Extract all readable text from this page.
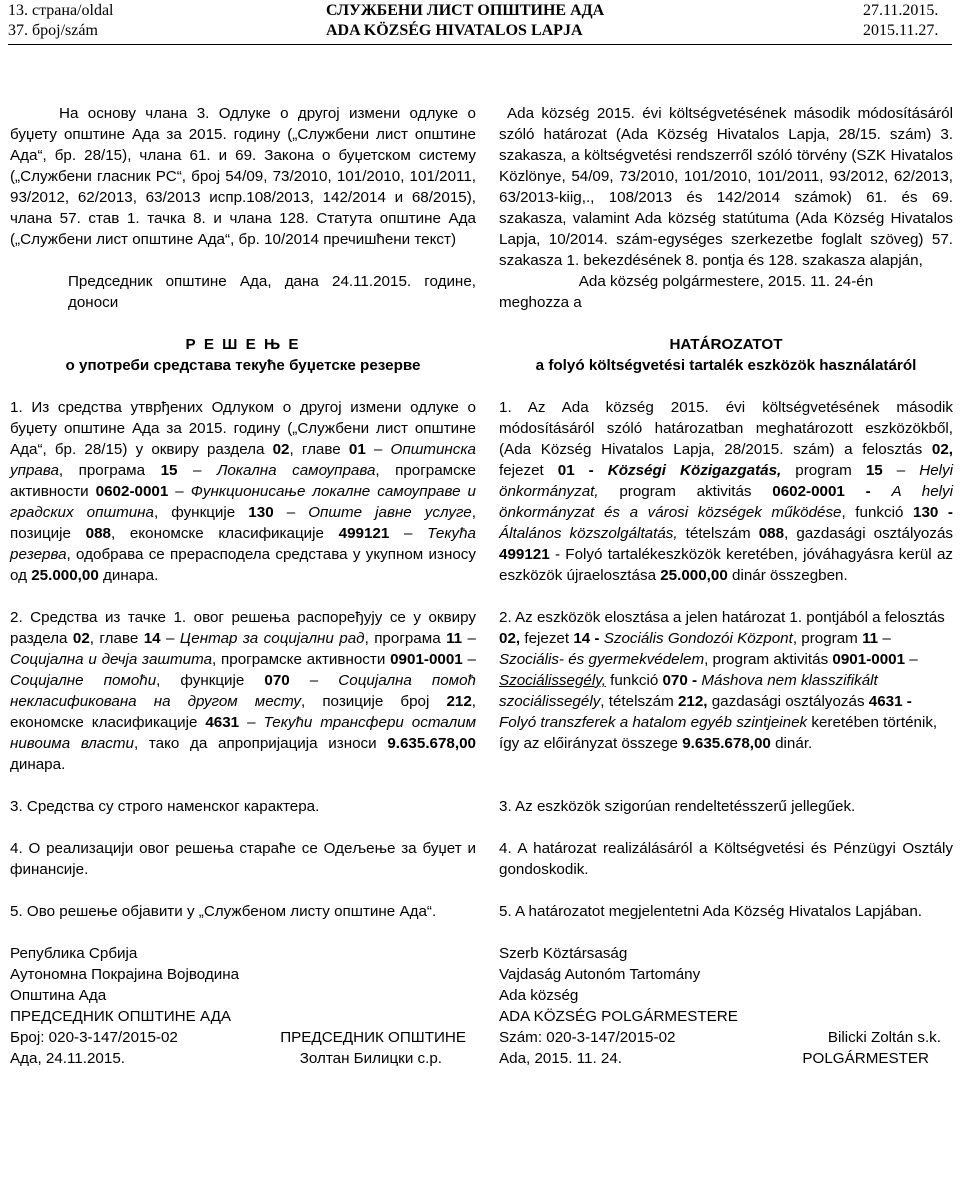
13. страна/oldal
37. број/szám
СЛУЖБЕНИ ЛИСТ ОПШТИНЕ АДА
ADA KÖZSÉG HIVATALOS LAPJA
27.11.2015.
2015.11.27.

На основу члана 3. Одлуке о другој измени одлуке о буџету општине Ада за 2015. годину („Службени лист општине Ада“, бр. 28/15), члана 61. и 69. Закона о буџетском систему („Службени гласник РС“, број 54/09, 73/2010, 101/2010, 101/2011, 93/2012, 62/2013, 63/2013 испр.108/2013, 142/2014 и 68/2015), члана 57. став 1. тачка 8. и члана 128. Статута општине Ада („Службени лист општине Ада“, бр. 10/2014 пречишћени текст)

Председник општине Ада, дана 24.11.2015. године, доноси

Р Е Ш Е Њ Е

о употреби средстава текуће буџетске резерве

1. Из средства утврђених Одлуком о другој измени одлуке о буџету општине Ада за 2015. годину („Службени лист општине Ада“, бр. 28/15) у оквиру раздела 02, главе 01 – Општинска управа, програма 15 – Локална самоуправа, програмске активности 0602-0001 – Функционисање локалне самоуправе и градских општина, функције 130 – Опште јавне услуге, позиције 088, економске класификације 499121 – Текућа резерва, одобрава се прерасподела средстава у укупном износу од 25.000,00 динара.

2. Средства из тачке 1. овог решења распоређују се у оквиру раздела 02, главе 14 – Центар за социјални рад, програма 11 – Социјална и дечја заштита, програмске активности 0901-0001 – Социјалне помоћи, функције 070 – Социјална помоћ некласификована на другом месту, позиције број 212, економске класификације 4631 – Текући трансфери осталим нивоима власти, тако да апропријација износи 9.635.678,00 динара.

3. Средства су строго наменског карактера.

4. О реализацији овог решења стараће се Одељење за буџет и финансије.

5. Ово решење објавити у „Службеном листу општине Ада“.

Република Србија

Аутономна Покрајина Војводина

Општина Ада

ПРЕДСЕДНИК ОПШТИНЕ АДА

Број: 020-3-147/2015-02	ПРЕДСЕДНИК ОПШТИНЕ
Ада, 24.11.2015.	Золтан Билицки с.р.

Ada község 2015. évi költségvetésének második módosításáról szóló határozat (Ada Község Hivatalos Lapja, 28/15. szám) 3. szakasza, a költségvetési rendszerről szóló törvény (SZK Hivatalos Közlönye, 54/09, 73/2010, 101/2010, 101/2011, 93/2012, 62/2013, 63/2013-kiig,., 108/2013 és 142/2014 számok) 61. és 69. szakasza, valamint Ada község statútuma (Ada Község Hivatalos Lapja, 10/2014. szám-egységes szerkezetbe foglalt szöveg) 57. szakasza 1. bekezdésének 8. pontja és 128. szakasza alapján,

Ada község polgármestere, 2015. 11. 24-én

meghozza a

HATÁROZATOT

a folyó költségvetési tartalék eszközök használatáról

1. Az Ada község 2015. évi költségvetésének második módosításáról szóló határozatban meghatározott eszközökből, (Ada Község Hivatalos Lapja, 28/2015. szám) a felosztás 02, fejezet 01 - Községi Közigazgatás, program 15 – Helyi önkormányzat, program aktivitás 0602-0001 - A helyi önkormányzat és a városi községek működése, funkció 130 - Általános közszolgáltatás, tételszám 088, gazdasági osztályozás 499121 - Folyó tartalékeszközök keretében, jóváhagyásra kerül az eszközök újraelosztása 25.000,00 dinár összegben.

2. Az eszközök elosztása a jelen határozat 1. pontjából a felosztás 02, fejezet 14 - Szociális Gondozói Központ, program 11 – Szociális- és gyermekvédelem, program aktivitás 0901-0001 – Szociálissegély, funkció 070 - Máshova nem klasszifikált szociálissegély, tételszám 212, gazdasági osztályozás 4631 - Folyó transzferek a hatalom egyéb szintjeinek keretében történik, így az előirányzat összege 9.635.678,00 dinár.

3. Az eszközök szigorúan rendeltetésszerű jellegűek.

4. A határozat realizálásáról a Költségvetési és Pénzügyi Osztály gondoskodik.

5. A határozatot megjelentetni Ada Község Hivatalos Lapjában.

Szerb Köztársaság

Vajdaság Autonóm Tartomány

Ada község

ADA KÖZSÉG POLGÁRMESTERE

Szám: 020-3-147/2015-02	Bilicki Zoltán s.k.
Ada, 2015. 11. 24.	POLGÁRMESTER
